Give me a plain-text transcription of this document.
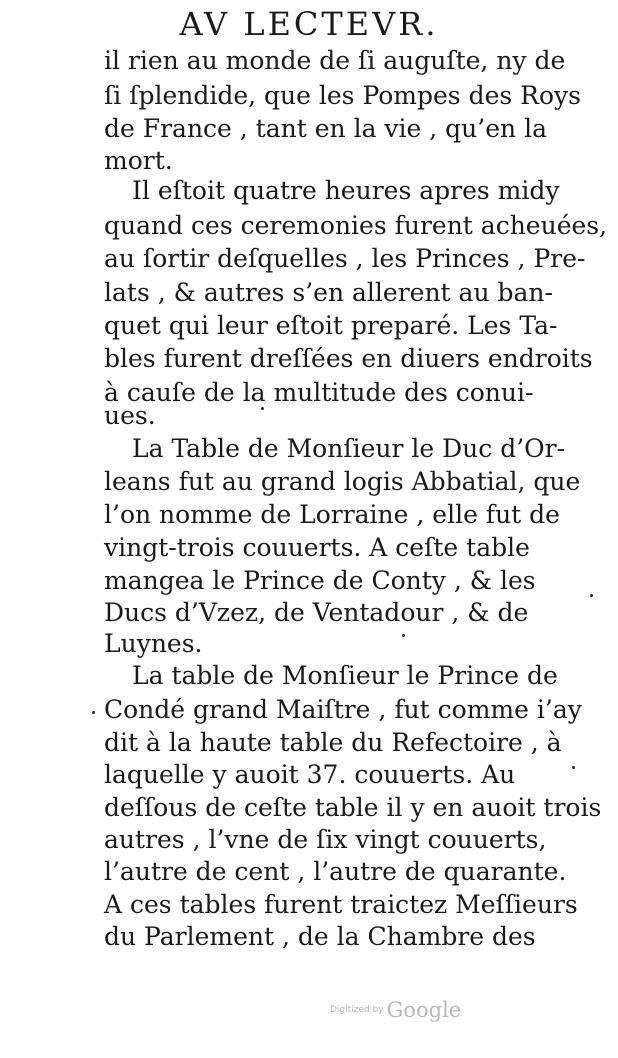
AV LECTEVR.
il rien au monde de ſi auguſte, ny de
ſi ſplendide, que les Pompes des Roys
de France , tant en la vie , qu’en la
mort.
Il eſtoit quatre heures apres midy
quand ces ceremonies furent acheuées,
au ſortir deſquelles , les Princes , Pre-
lats , & autres s’en allerent au ban-
quet qui leur eſtoit preparé. Les Ta-
bles furent dreſſées en diuers endroits
à cauſe de la multitude des conui-
ues.
La Table de Monſieur le Duc d’Or-
leans fut au grand logis Abbatial, que
l’on nomme de Lorraine , elle fut de
vingt-trois couuerts. A ceſte table
mangea le Prince de Conty , & les
Ducs d’Vzez, de Ventadour , & de
Luynes.
La table de Monſieur le Prince de
Condé grand Maiſtre , fut comme i’ay
dit à la haute table du Refectoire , à
laquelle y auoit 37. couuerts. Au
deſſous de ceſte table il y en auoit trois
autres , l’vne de ſix vingt couuerts,
l’autre de cent , l’autre de quarante.
A ces tables furent traictez Meſſieurs
du Parlement , de la Chambre des
Digitized by Google
